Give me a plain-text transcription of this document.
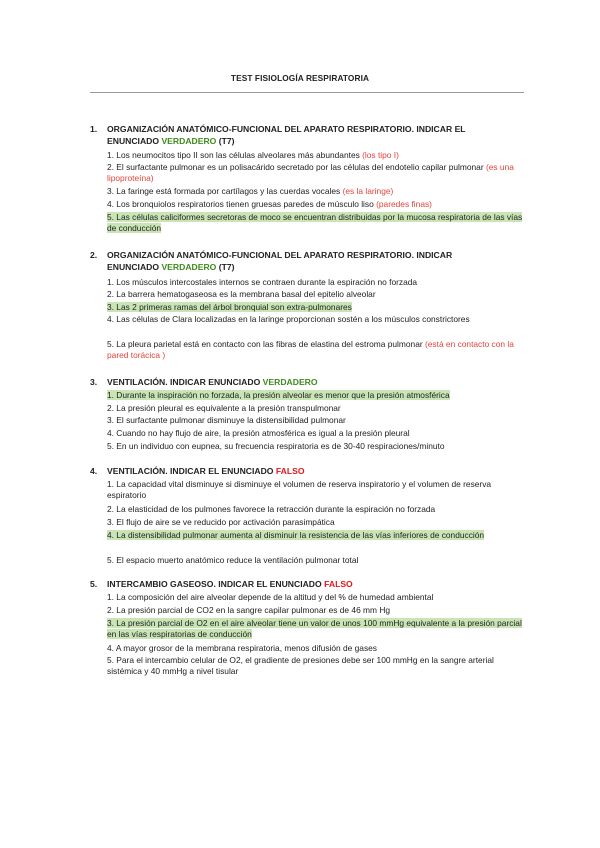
TEST FISIOLOGÍA RESPIRATORIA
1. ORGANIZACIÓN ANATÓMICO-FUNCIONAL DEL APARATO RESPIRATORIO. INDICAR EL
ENUNCIADO VERDADERO (T7)
1. Los neumocitos tipo II son las células alveolares más abundantes (los tipo I)
2. El surfactante pulmonar es un polisacárido secretado por las células del endotelio capilar pulmonar (es una lipoproteína)
3. La faringe está formada por cartílagos y las cuerdas vocales (es la laringe)
4. Los bronquiolos respiratorios tienen gruesas paredes de músculo liso (paredes finas)
5. Las células caliciformes secretoras de moco se encuentran distribuidas por la mucosa respiratoria de las vías de conducción
2. ORGANIZACIÓN ANATÓMICO-FUNCIONAL DEL APARATO RESPIRATORIO. INDICAR
ENUNCIADO VERDADERO (T7)
1. Los músculos intercostales internos se contraen durante la espiración no forzada
2. La barrera hematogaseosa es la membrana basal del epitelio alveolar
3. Las 2 primeras ramas del árbol bronquial son extra-pulmonares
4. Las células de Clara localizadas en la laringe proporcionan sostén a los músculos constrictores
5. La pleura parietal está en contacto con las fibras de elastina del estroma pulmonar (está en contacto con la pared torácica )
3. VENTILACIÓN. INDICAR ENUNCIADO VERDADERO
1. Durante la inspiración no forzada, la presión alveolar es menor que la presión atmosférica
2. La presión pleural es equivalente a la presión transpulmonar
3. El surfactante pulmonar disminuye la distensibilidad pulmonar
4. Cuando no hay flujo de aire, la presión atmosférica es igual a la presión pleural
5. En un individuo con eupnea, su frecuencia respiratoria es de 30-40 respiraciones/minuto
4. VENTILACIÓN. INDICAR EL ENUNCIADO FALSO
1. La capacidad vital disminuye si disminuye el volumen de reserva inspiratorio y el volumen de reserva espiratorio
2. La elasticidad de los pulmones favorece la retracción durante la espiración no forzada
3. El flujo de aire se ve reducido por activación parasimpática
4. La distensibilidad pulmonar aumenta al disminuir la resistencia de las vías inferiores de conducción
5. El espacio muerto anatómico reduce la ventilación pulmonar total
5. INTERCAMBIO GASEOSO. INDICAR EL ENUNCIADO FALSO
1. La composición del aire alveolar depende de la altitud y del % de humedad ambiental
2. La presión parcial de CO2 en la sangre capilar pulmonar es de 46 mm Hg
3. La presión parcial de O2 en el aire alveolar tiene un valor de unos 100 mmHg equivalente a la presión parcial en las vías respiratorias de conducción
4. A mayor grosor de la membrana respiratoria, menos difusión de gases
5. Para el intercambio celular de O2, el gradiente de presiones debe ser 100 mmHg en la sangre arterial sistémica y 40 mmHg a nivel tisular
